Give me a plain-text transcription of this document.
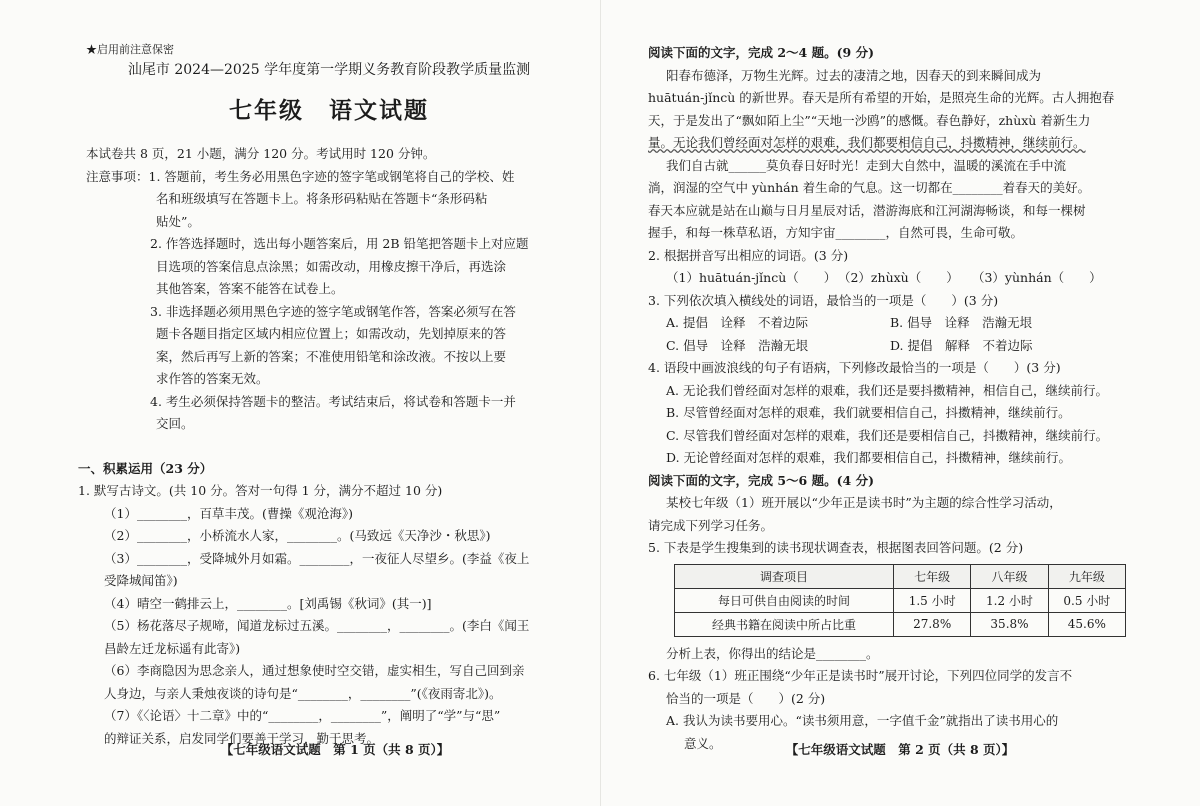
★启用前注意保密
汕尾市 2024—2025 学年度第一学期义务教育阶段教学质量监测
七年级　语文试题
本试卷共 8 页，21 小题，满分 120 分。考试用时 120 分钟。
注意事项：1. 答题前，考生务必用黑色字迹的签字笔或钢笔将自己的学校、姓
名和班级填写在答题卡上。将条形码粘贴在答题卡“条形码粘
贴处”。
2. 作答选择题时，选出每小题答案后，用 2B 铅笔把答题卡上对应题
目选项的答案信息点涂黑；如需改动，用橡皮擦干净后，再选涂
其他答案，答案不能答在试卷上。
3. 非选择题必须用黑色字迹的签字笔或钢笔作答，答案必须写在答
题卡各题目指定区域内相应位置上；如需改动，先划掉原来的答
案，然后再写上新的答案；不准使用铅笔和涂改液。不按以上要
求作答的答案无效。
4. 考生必须保持答题卡的整洁。考试结束后，将试卷和答题卡一并
交回。
一、积累运用（23 分）
1. 默写古诗文。(共 10 分。答对一句得 1 分，满分不超过 10 分)
（1）________，百草丰茂。(曹操《观沧海》)
（2）________，小桥流水人家，________。(马致远《天净沙・秋思》)
（3）________，受降城外月如霜。________，一夜征人尽望乡。(李益《夜上
受降城闻笛》)
（4）晴空一鹤排云上，________。[刘禹锡《秋词》(其一)]
（5）杨花落尽子规啼，闻道龙标过五溪。________，________。(李白《闻王
昌龄左迁龙标遥有此寄》)
（6）李商隐因为思念亲人，通过想象使时空交错，虚实相生，写自己回到亲
人身边，与亲人秉烛夜谈的诗句是“________，________”(《夜雨寄北》)。
（7）《〈论语〉十二章》中的“________，________”，阐明了“学”与“思”
的辩证关系，启发同学们要善于学习，勤于思考。
【七年级语文试题　第 1 页（共 8 页）】
阅读下面的文字，完成 2～4 题。(9 分)
阳春布德泽，万物生光辉。过去的凄清之地，因春天的到来瞬间成为
huātuán-jǐncù 的新世界。春天是所有希望的开始，是照亮生命的光辉。古人拥抱春
天，于是发出了“飘如陌上尘”“天地一沙鸥”的感慨。春色静好，zhùxù 着新生力
量。无论我们曾经面对怎样的艰难，我们都要相信自己，抖擞精神，继续前行。
我们自古就______莫负春日好时光！走到大自然中，温暖的溪流在手中流
淌，润湿的空气中 yùnhán 着生命的气息。这一切都在________着春天的美好。
春天本应就是站在山巅与日月星辰对话，潜游海底和江河湖海畅谈，和每一棵树
握手，和每一株草私语，方知宇宙________，自然可畏，生命可敬。
2. 根据拼音写出相应的词语。(3 分)
（1）huātuán-jǐncù（　　） （2）zhùxù（　　） （3）yùnhán（　　）
3. 下列依次填入横线处的词语，最恰当的一项是（　　）(3 分)
A. 提倡　诠释　不着边际	B. 倡导　诠释　浩瀚无垠
C. 倡导　诠释　浩瀚无垠	D. 提倡　解释　不着边际
4. 语段中画波浪线的句子有语病，下列修改最恰当的一项是（　　）(3 分)
A. 无论我们曾经面对怎样的艰难，我们还是要抖擞精神，相信自己，继续前行。
B. 尽管曾经面对怎样的艰难，我们就要相信自己，抖擞精神，继续前行。
C. 尽管我们曾经面对怎样的艰难，我们还是要相信自己，抖擞精神，继续前行。
D. 无论曾经面对怎样的艰难，我们都要相信自己，抖擞精神，继续前行。
阅读下面的文字，完成 5～6 题。(4 分)
某校七年级（1）班开展以“少年正是读书时”为主题的综合性学习活动，
请完成下列学习任务。
5. 下表是学生搜集到的读书现状调查表，根据图表回答问题。(2 分)
调查项目	七年级	八年级	九年级
每日可供自由阅读的时间	1.5 小时	1.2 小时	0.5 小时
经典书籍在阅读中所占比重	27.8%	35.8%	45.6%
分析上表，你得出的结论是________。
6. 七年级（1）班正围绕“少年正是读书时”展开讨论，下列四位同学的发言不
恰当的一项是（　　）(2 分)
A. 我认为读书要用心。“读书须用意，一字值千金”就指出了读书用心的
意义。	【七年级语文试题　第 2 页（共 8 页）】
